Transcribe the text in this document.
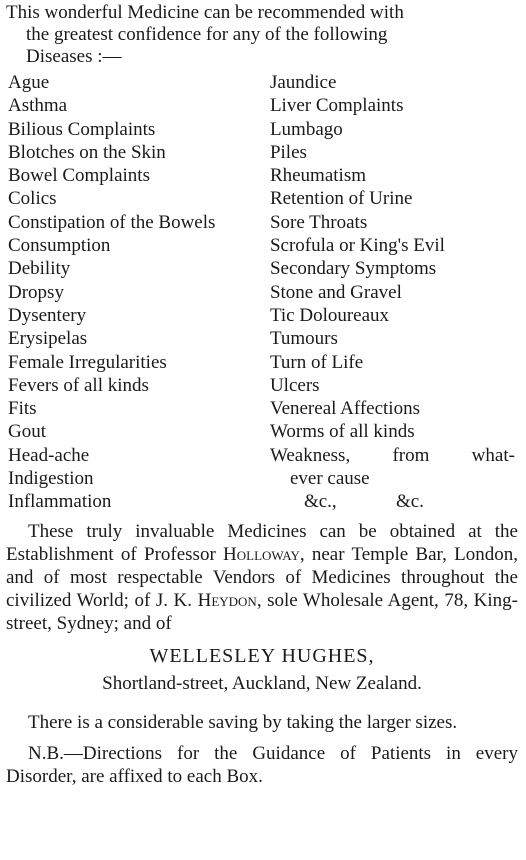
This wonderful Medicine can be recommended with
the greatest confidence for any of the following
Diseases :—
Ague
Asthma
Bilious Complaints
Blotches on the Skin
Bowel Complaints
Colics
Constipation of the Bowels
Consumption
Debility
Dropsy
Dysentery
Erysipelas
Female Irregularities
Fevers of all kinds
Fits
Gout
Head-ache
Indigestion
Inflammation
Jaundice
Liver Complaints
Lumbago
Piles
Rheumatism
Retention of Urine
Sore Throats
Scrofula or King's Evil
Secondary Symptoms
Stone and Gravel
Tic Doloureaux
Tumours
Turn of Life
Ulcers
Venereal Affections
Worms of all kinds
Weakness, from what-
ever cause
&c.,	&c.

These truly invaluable Medicines can be obtained at the Establishment of Professor Holloway, near Temple Bar, London, and of most respectable Vendors of Medicines throughout the civilized World; of J. K. Heydon, sole Wholesale Agent, 78, King-street, Sydney; and of

WELLESLEY HUGHES,

Shortland-street, Auckland, New Zealand.

There is a considerable saving by taking the larger sizes.

N.B.—Directions for the Guidance of Patients in every Disorder, are affixed to each Box.
